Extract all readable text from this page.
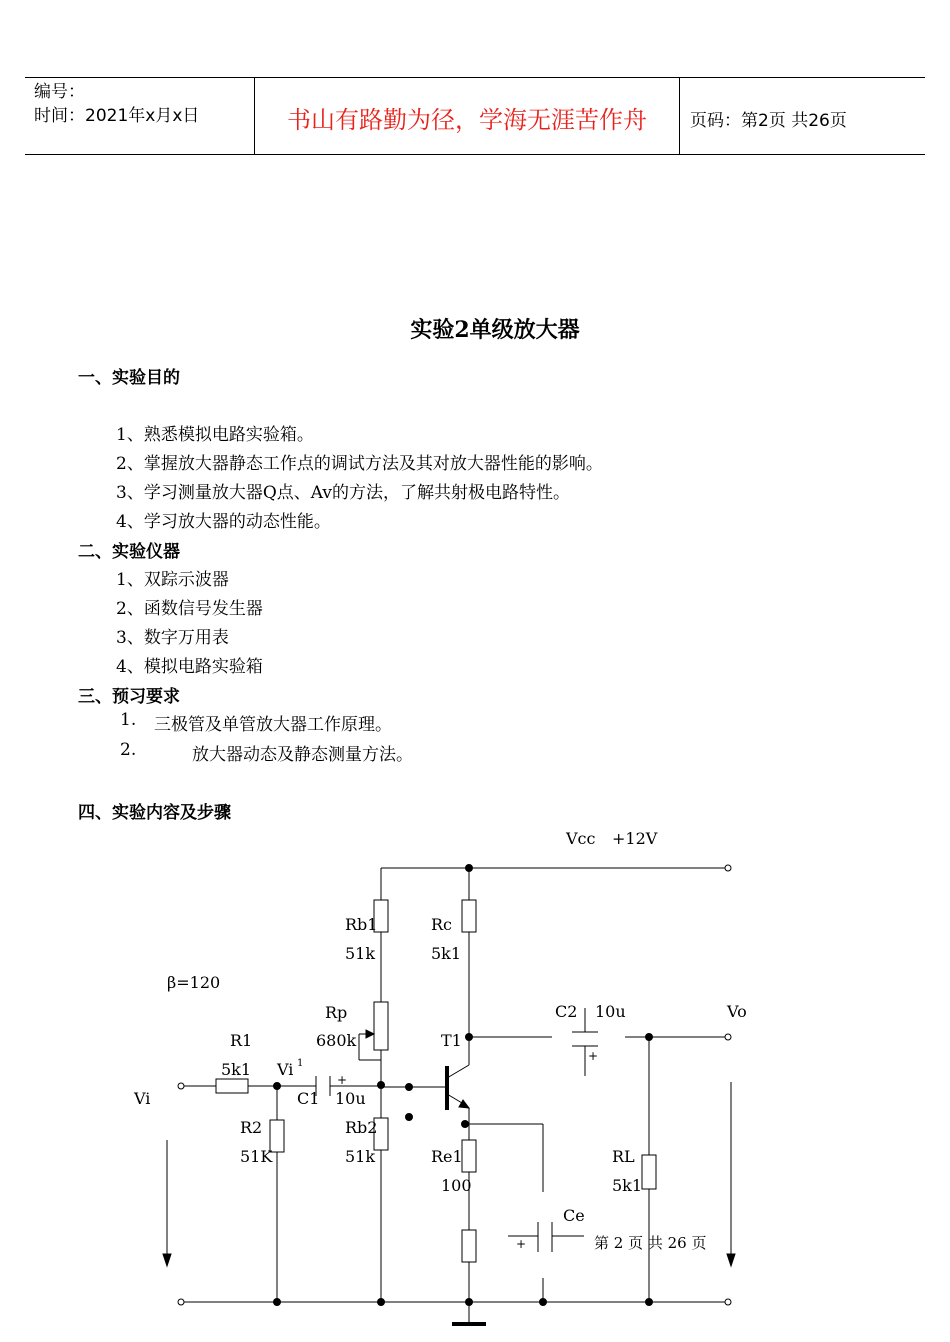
编号：
时间：2021年x月x日	书山有路勤为径，学海无涯苦作舟	页码：第2页 共26页
实验2单级放大器
一、实验目的
1、熟悉模拟电路实验箱。
2、掌握放大器静态工作点的调试方法及其对放大器性能的影响。
3、学习测量放大器Q点、Av的方法，了解共射极电路特性。
4、学习放大器的动态性能。
二、实验仪器
1、双踪示波器
2、函数信号发生器
3、数字万用表
4、模拟电路实验箱
三、预习要求
1. 三极管及单管放大器工作原理。
2.	放大器动态及静态测量方法。
四、实验内容及步骤
+
+
+
Vcc +12V
Rb1
51k
Rc
5k1
β=120
Rp
680k	T1
C2 10u	Vo
R1
5k1 Vi 1
Vi	C1 10u
R2
51K
Rb2
51k	Re1
100
RL
5k1
Ce
第 2 页 共 26 页
